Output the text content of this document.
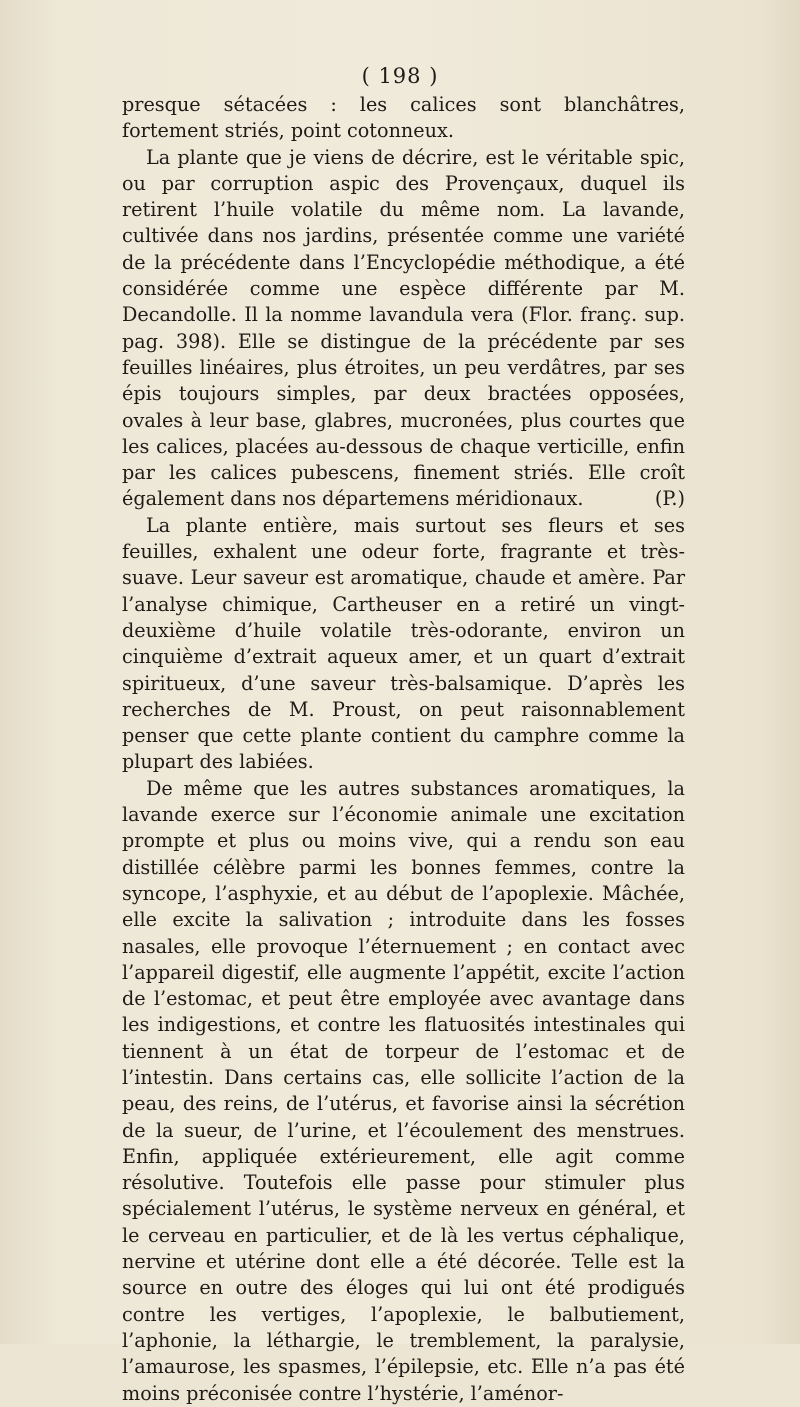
( 198 )

presque sétacées : les calices sont blanchâtres, fortement striés, point cotonneux.

La plante que je viens de décrire, est le véritable spic, ou par corruption aspic des Provençaux, duquel ils retirent l’huile volatile du même nom. La lavande, cultivée dans nos jardins, présentée comme une variété de la précédente dans l’Encyclopédie méthodique, a été considérée comme une espèce différente par M. Decandolle. Il la nomme lavandula vera (Flor. franç. sup. pag. 398). Elle se distingue de la précédente par ses feuilles linéaires, plus étroites, un peu verdâtres, par ses épis toujours simples, par deux bractées opposées, ovales à leur base, glabres, mucronées, plus courtes que les calices, placées au-dessous de chaque verticille, enfin par les calices pubescens, finement striés. Elle croît également dans nos départemens méridionaux.	(P.)

La plante entière, mais surtout ses fleurs et ses feuilles, exhalent une odeur forte, fragrante et très-suave. Leur saveur est aromatique, chaude et amère. Par l’analyse chimique, Cartheuser en a retiré un vingt-deuxième d’huile volatile très-odorante, environ un cinquième d’extrait aqueux amer, et un quart d’extrait spiritueux, d’une saveur très-balsamique. D’après les recherches de M. Proust, on peut raisonnablement penser que cette plante contient du camphre comme la plupart des labiées.

De même que les autres substances aromatiques, la lavande exerce sur l’économie animale une excitation prompte et plus ou moins vive, qui a rendu son eau distillée célèbre parmi les bonnes femmes, contre la syncope, l’asphyxie, et au début de l’apoplexie. Mâchée, elle excite la salivation ; introduite dans les fosses nasales, elle provoque l’éternuement ; en contact avec l’appareil digestif, elle augmente l’appétit, excite l’action de l’estomac, et peut être employée avec avantage dans les indigestions, et contre les flatuosités intestinales qui tiennent à un état de torpeur de l’estomac et de l’intestin. Dans certains cas, elle sollicite l’action de la peau, des reins, de l’utérus, et favorise ainsi la sécrétion de la sueur, de l’urine, et l’écoulement des menstrues. Enfin, appliquée extérieurement, elle agit comme résolutive. Toutefois elle passe pour stimuler plus spécialement l’utérus, le système nerveux en général, et le cerveau en particulier, et de là les vertus céphalique, nervine et utérine dont elle a été décorée. Telle est la source en outre des éloges qui lui ont été prodigués contre les vertiges, l’apoplexie, le balbutiement, l’aphonie, la léthargie, le tremblement, la paralysie, l’amaurose, les spasmes, l’épilepsie, etc. Elle n’a pas été moins préconisée contre l’hystérie, l’aménor-
